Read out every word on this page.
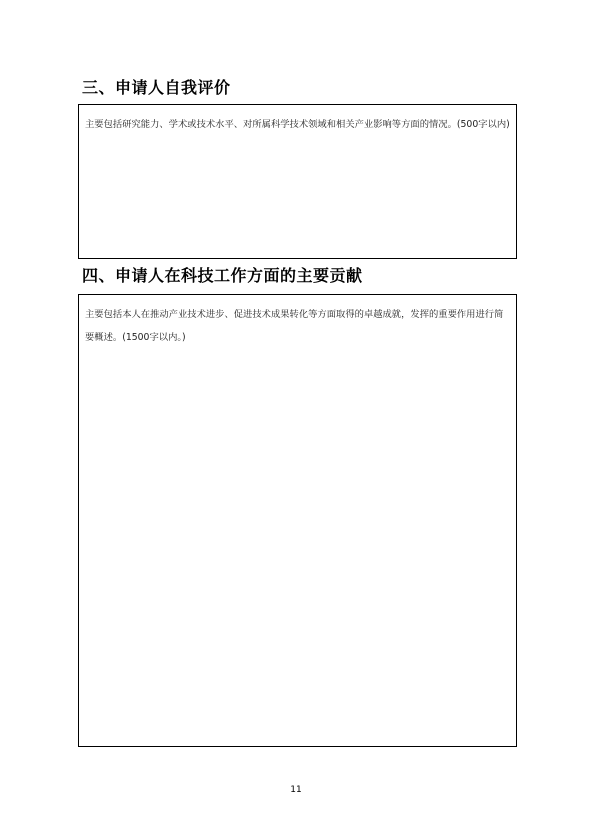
三、申请人自我评价
主要包括研究能力、学术或技术水平、对所属科学技术领域和相关产业影响等方面的情况。(500字以内)
四、申请人在科技工作方面的主要贡献
主要包括本人在推动产业技术进步、促进技术成果转化等方面取得的卓越成就，发挥的重要作用进行简要概述。(1500字以内。)
11
